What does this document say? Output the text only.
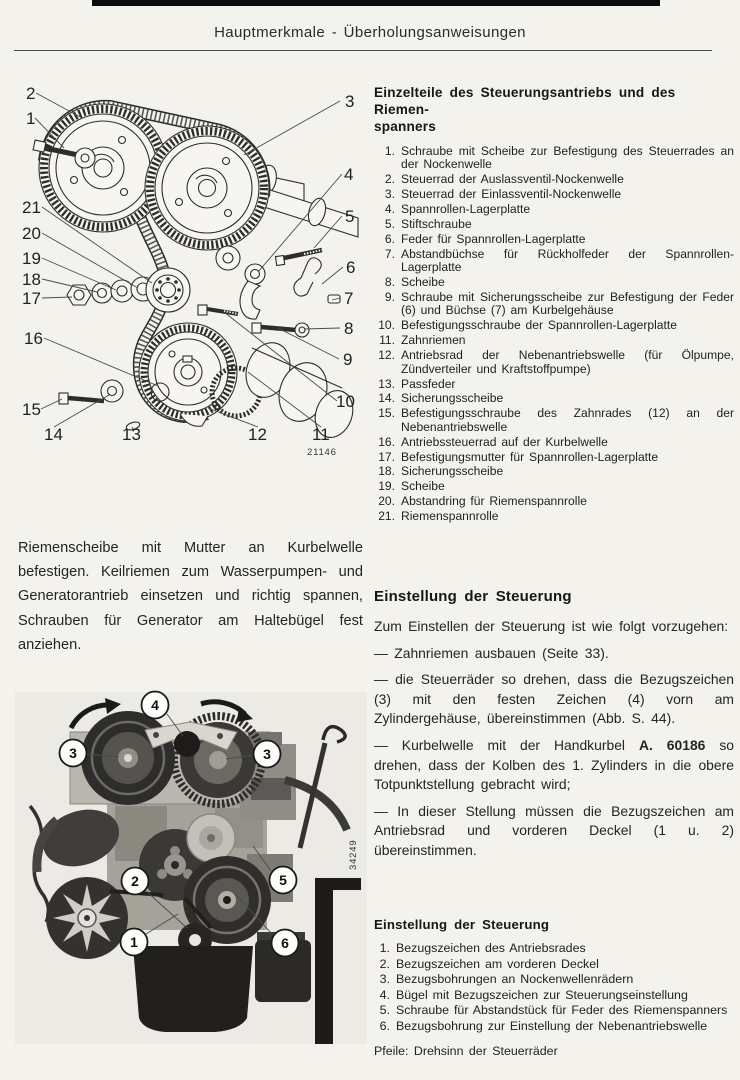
Hauptmerkmale - Überholungsanweisungen
2
1
3
4
5
6
7
8
9
10
21
20
19
18
17
16
15
14	13	12	11
21146
Einzelteile des Steuerungsantriebs und des Riemen-
spanners
1. Schraube mit Scheibe zur Befestigung des Steuerrades an der Nockenwelle
2. Steuerrad der Auslassventil-Nockenwelle
3. Steuerrad der Einlassventil-Nockenwelle
4. Spannrollen-Lagerplatte
5. Stiftschraube
6. Feder für Spannrollen-Lagerplatte
7. Abstandbüchse für Rückholfeder der Spannrollen-Lagerplatte
8. Scheibe
9. Schraube mit Sicherungsscheibe zur Befestigung der Feder (6) und Büchse (7) am Kurbelgehäuse
10. Befestigungsschraube der Spannrollen-Lagerplatte
11. Zahnriemen
12. Antriebsrad der Nebenantriebswelle (für Ölpumpe, Zündverteiler und Kraftstoffpumpe)
13. Passfeder
14. Sicherungsscheibe
15. Befestigungsschraube des Zahnrades (12) an der Nebenantriebswelle
16. Antriebssteuerrad auf der Kurbelwelle
17. Befestigungsmutter für Spannrollen-Lagerplatte
18. Sicherungsscheibe
19. Scheibe
20. Abstandring für Riemenspannrolle
21. Riemenspannrolle
Riemenscheibe mit Mutter an Kurbelwelle befestigen. Keilriemen zum Wasserpumpen- und Generatorantrieb einsetzen und richtig spannen, Schrauben für Generator am Haltebügel fest anziehen.
Einstellung der Steuerung

Zum Einstellen der Steuerung ist wie folgt vorzugehen:

— Zahnriemen ausbauen (Seite 33).

— die Steuerräder so drehen, dass die Bezugszeichen (3) mit den festen Zeichen (4) vorn am Zylindergehäuse, übereinstimmen (Abb. S. 44).

— Kurbelwelle mit der Handkurbel A. 60186 so drehen, dass der Kolben des 1. Zylinders in die obere Totpunktstellung gebracht wird;

— In dieser Stellung müssen die Bezugszeichen am Antriebsrad und vorderen Deckel (1 u. 2) übereinstimmen.

4
3	3
2	5
1	6
34249
Einstellung der Steuerung
1. Bezugszeichen des Antriebsrades
2. Bezugszeichen am vorderen Deckel
3. Bezugsbohrungen an Nockenwellenrädern
4. Bügel mit Bezugszeichen zur Steuerungseinstellung
5. Schraube für Abstandstück für Feder des Riemenspanners
6. Bezugsbohrung zur Einstellung der Nebenantriebswelle
Pfeile: Drehsinn der Steuerräder
